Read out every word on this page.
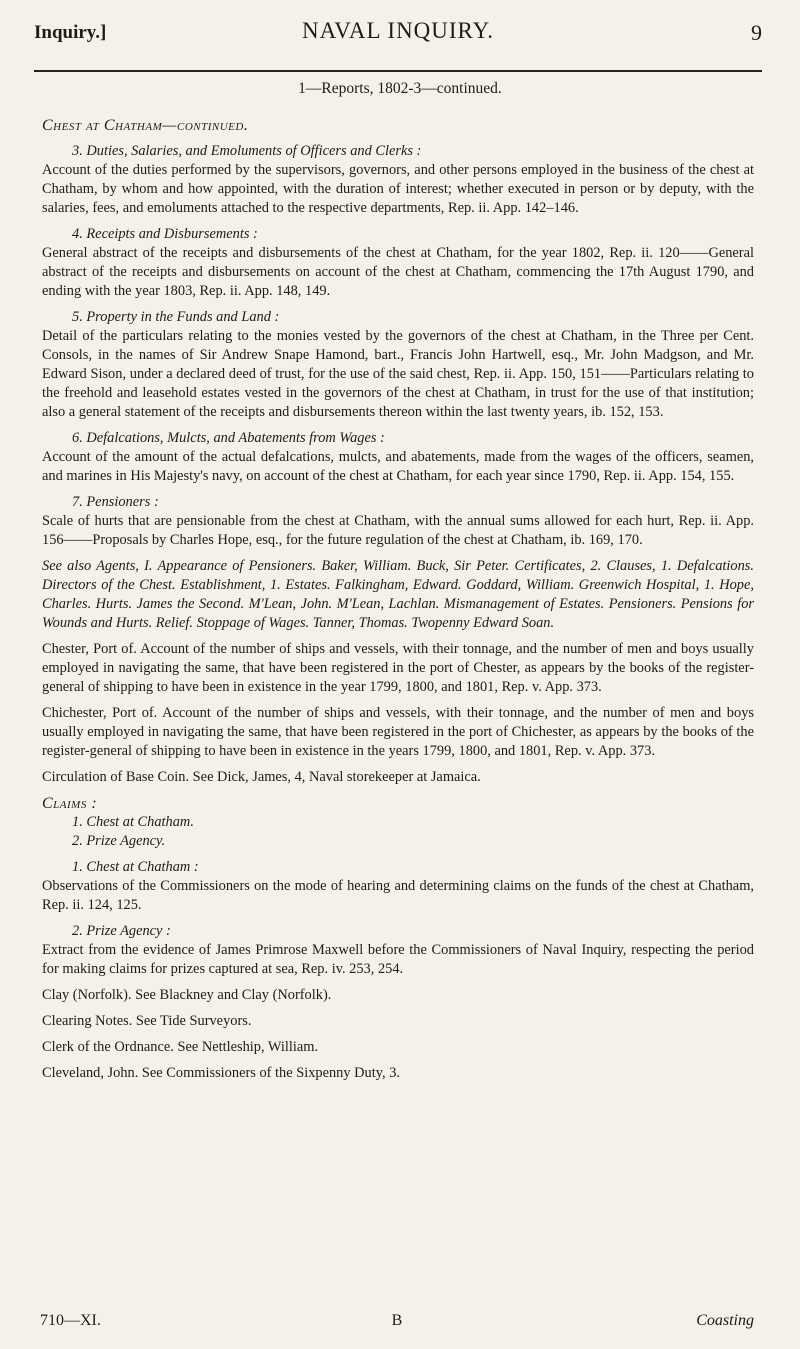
Inquiry.]	NAVAL INQUIRY.	9
1—Reports, 1802-3—continued.
Chest at Chatham—continued.
3. Duties, Salaries, and Emoluments of Officers and Clerks :

Account of the duties performed by the supervisors, governors, and other persons employed in the business of the chest at Chatham, by whom and how appointed, with the duration of interest; whether executed in person or by deputy, with the salaries, fees, and emoluments attached to the respective departments, Rep. ii. App. 142–146.

4. Receipts and Disbursements :

General abstract of the receipts and disbursements of the chest at Chatham, for the year 1802, Rep. ii. 120——General abstract of the receipts and disbursements on account of the chest at Chatham, commencing the 17th August 1790, and ending with the year 1803, Rep. ii. App. 148, 149.

5. Property in the Funds and Land :

Detail of the particulars relating to the monies vested by the governors of the chest at Chatham, in the Three per Cent. Consols, in the names of Sir Andrew Snape Hamond, bart., Francis John Hartwell, esq., Mr. John Madgson, and Mr. Edward Sison, under a declared deed of trust, for the use of the said chest, Rep. ii. App. 150, 151——Particulars relating to the freehold and leasehold estates vested in the governors of the chest at Chatham, in trust for the use of that institution; also a general statement of the receipts and disbursements thereon within the last twenty years, ib. 152, 153.

6. Defalcations, Mulcts, and Abatements from Wages :

Account of the amount of the actual defalcations, mulcts, and abatements, made from the wages of the officers, seamen, and marines in His Majesty's navy, on account of the chest at Chatham, for each year since 1790, Rep. ii. App. 154, 155.

7. Pensioners :

Scale of hurts that are pensionable from the chest at Chatham, with the annual sums allowed for each hurt, Rep. ii. App. 156——Proposals by Charles Hope, esq., for the future regulation of the chest at Chatham, ib. 169, 170.

See also Agents, I. Appearance of Pensioners. Baker, William. Buck, Sir Peter. Certificates, 2. Clauses, 1. Defalcations. Directors of the Chest. Establishment, 1. Estates. Falkingham, Edward. Goddard, William. Greenwich Hospital, 1. Hope, Charles. Hurts. James the Second. M'Lean, John. M'Lean, Lachlan. Mismanagement of Estates. Pensioners. Pensions for Wounds and Hurts. Relief. Stoppage of Wages. Tanner, Thomas. Twopenny Edward Soan.

Chester, Port of. Account of the number of ships and vessels, with their tonnage, and the number of men and boys usually employed in navigating the same, that have been registered in the port of Chester, as appears by the books of the register-general of shipping to have been in existence in the year 1799, 1800, and 1801, Rep. v. App. 373.

Chichester, Port of. Account of the number of ships and vessels, with their tonnage, and the number of men and boys usually employed in navigating the same, that have been registered in the port of Chichester, as appears by the books of the register-general of shipping to have been in existence in the years 1799, 1800, and 1801, Rep. v. App. 373.

Circulation of Base Coin. See Dick, James, 4, Naval storekeeper at Jamaica.

Claims :
1. Chest at Chatham.
2. Prize Agency.
1. Chest at Chatham :

Observations of the Commissioners on the mode of hearing and determining claims on the funds of the chest at Chatham, Rep. ii. 124, 125.

2. Prize Agency :

Extract from the evidence of James Primrose Maxwell before the Commissioners of Naval Inquiry, respecting the period for making claims for prizes captured at sea, Rep. iv. 253, 254.

Clay (Norfolk). See Blackney and Clay (Norfolk).

Clearing Notes. See Tide Surveyors.

Clerk of the Ordnance. See Nettleship, William.

Cleveland, John. See Commissioners of the Sixpenny Duty, 3.

710—XI.	B	Coasting
